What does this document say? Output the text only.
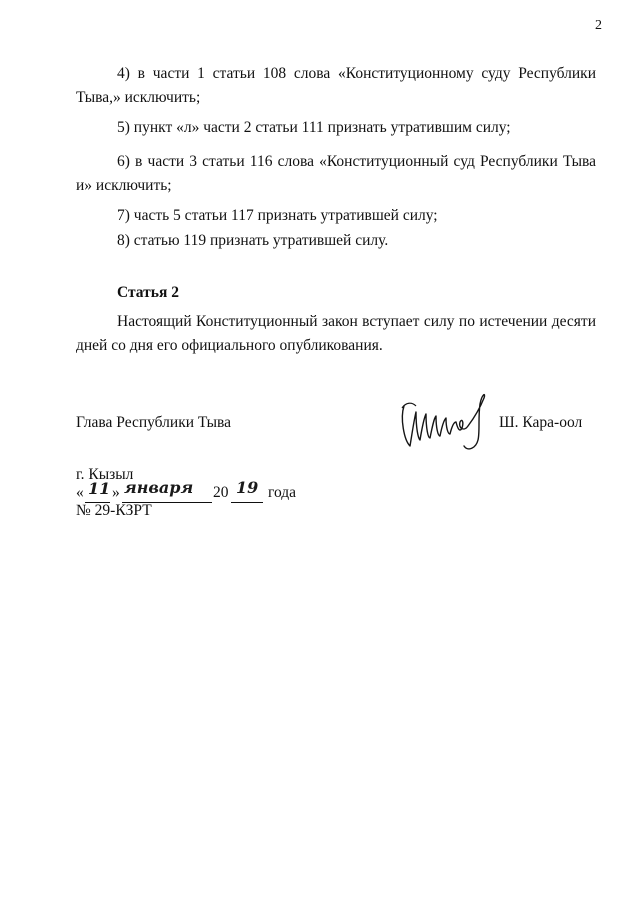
2

4) в части 1 статьи 108 слова «Конституционному суду Республики Тыва,» исключить;

5) пункт «л» части 2 статьи 111 признать утратившим силу;

6) в части 3 статьи 116 слова «Конституционный суд Республики Тыва и» исключить;

7) часть 5 статьи 117 признать утратившей силу;

8) статью 119 признать утратившей силу.

Статья 2

Настоящий Конституционный закон вступает силу по истечении десяти дней со дня его официального опубликования.

Глава Республики Тыва	Ш. Кара-оол
г. Кызыл
« 11 » января 20 19 года
№ 29-КЗРТ
